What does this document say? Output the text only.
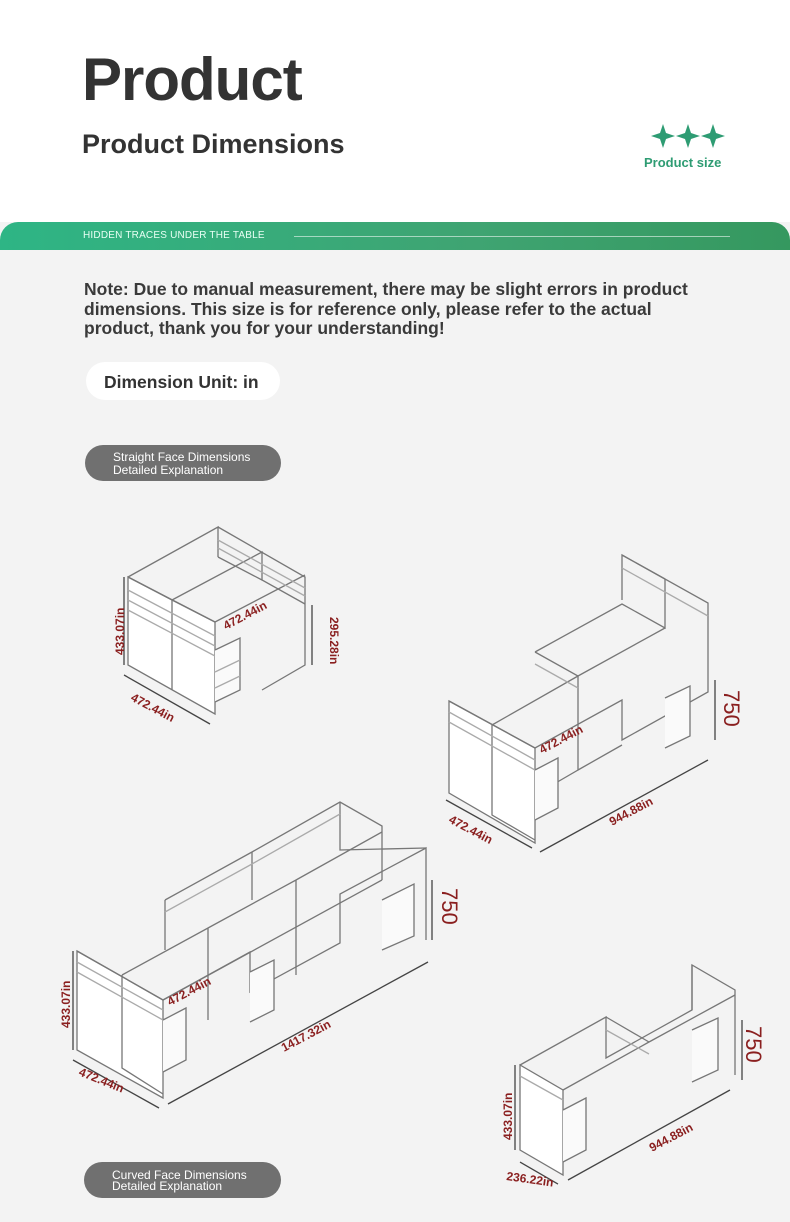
Product
Product Dimensions
Product size
HIDDEN TRACES UNDER THE TABLE
Note: Due to manual measurement, there may be slight errors in product dimensions. This size is for reference only, please refer to the actual product, thank you for your understanding!
Dimension Unit: in
Straight Face Dimensions
Detailed Explanation
Curved Face Dimensions
Detailed Explanation
433.07in	472.44in
295.28in
472.44in
472.44in
472.44in
944.88in
750
433.07in	472.44in
472.44in
1417.32in
750
433.07in
236.22in
944.88in
750
